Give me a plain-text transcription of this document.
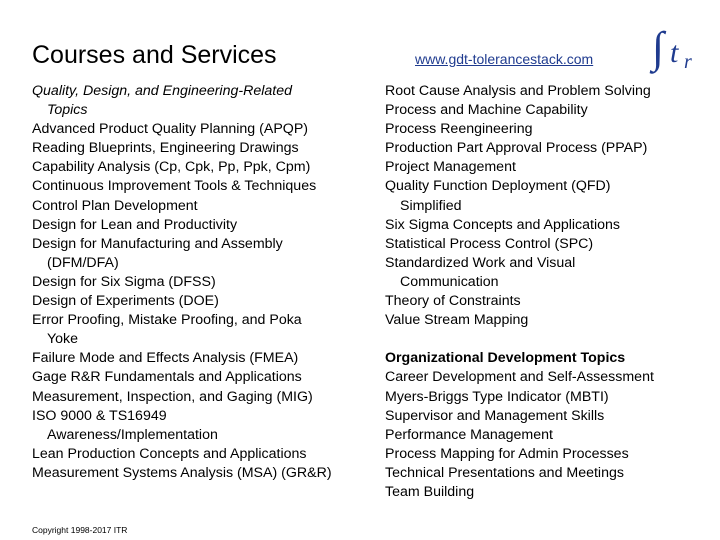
Courses and Services	www.gdt-tolerancestack.com ∫ t r
Quality, Design, and Engineering-Related
Topics
Advanced Product Quality Planning (APQP)
Reading Blueprints, Engineering Drawings
Capability Analysis (Cp, Cpk, Pp, Ppk, Cpm)
Continuous Improvement Tools & Techniques
Control Plan Development
Design for Lean and Productivity
Design for Manufacturing and Assembly
(DFM/DFA)
Design for Six Sigma (DFSS)
Design of Experiments (DOE)
Error Proofing, Mistake Proofing, and Poka
Yoke
Failure Mode and Effects Analysis (FMEA)
Gage R&R Fundamentals and Applications
Measurement, Inspection, and Gaging (MIG)
ISO 9000 & TS16949
Awareness/Implementation
Lean Production Concepts and Applications
Measurement Systems Analysis (MSA) (GR&R)
Root Cause Analysis and Problem Solving
Process and Machine Capability
Process Reengineering
Production Part Approval Process (PPAP)
Project Management
Quality Function Deployment (QFD)
Simplified
Six Sigma Concepts and Applications
Statistical Process Control (SPC)
Standardized Work and Visual
Communication
Theory of Constraints
Value Stream Mapping
Organizational Development Topics
Career Development and Self-Assessment
Myers-Briggs Type Indicator (MBTI)
Supervisor and Management Skills
Performance Management
Process Mapping for Admin Processes
Technical Presentations and Meetings
Team Building
Copyright 1998-2017 ITR
